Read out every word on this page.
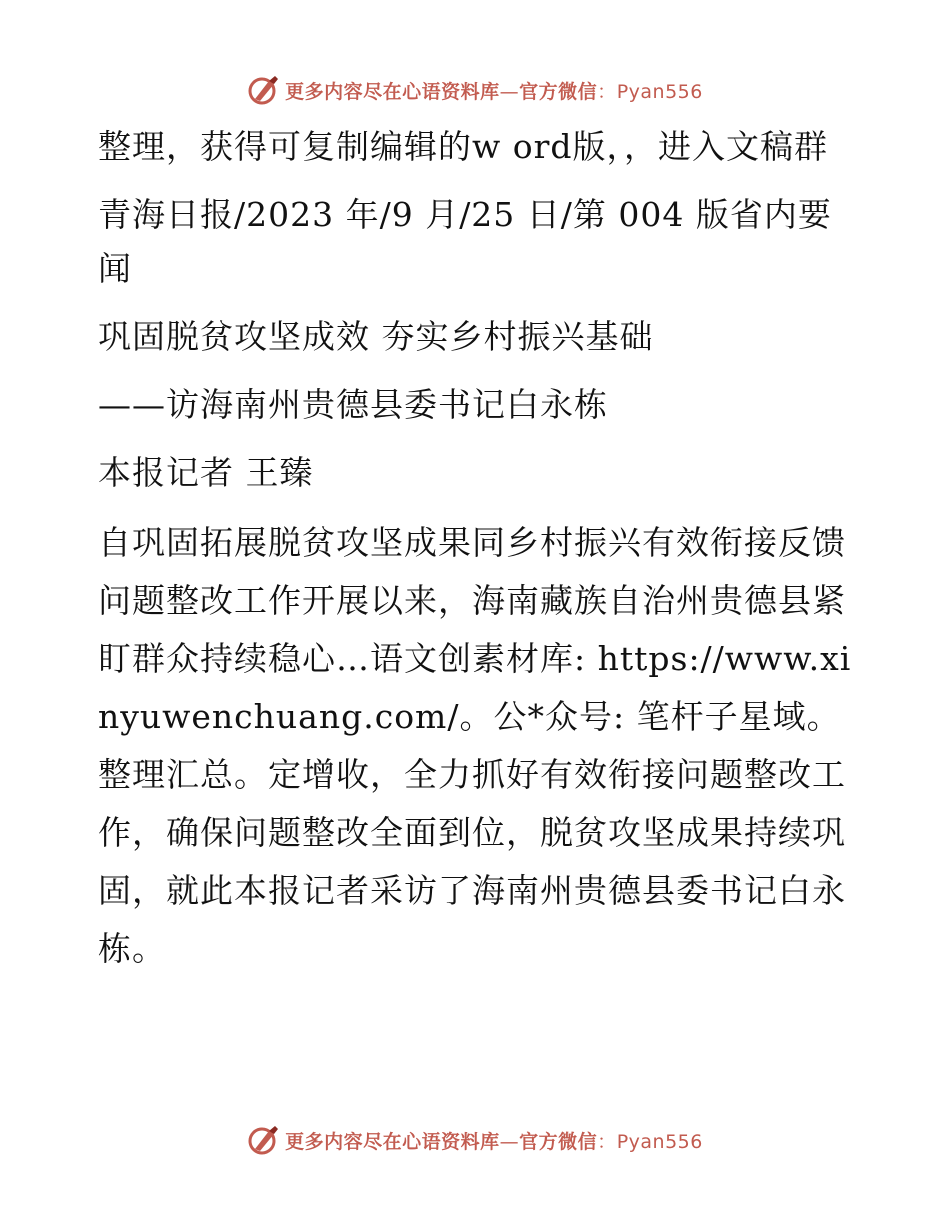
更多内容尽在心语资料库—官方微信：Pyan556

整理，获得可复制编辑的w ord版，，进入文稿群

青海日报/2023 年/9 月/25 日/第 004 版省内要闻

巩固脱贫攻坚成效 夯实乡村振兴基础

——访海南州贵德县委书记白永栋

本报记者 王臻

自巩固拓展脱贫攻坚成果同乡村振兴有效衔接反馈问题整改工作开展以来，海南藏族自治州贵德县紧盯群众持续稳心…语文创素材库: https://www.xinyuwenchuang.com/。公*众号: 笔杆子星域。整理汇总。定增收，全力抓好有效衔接问题整改工作，确保问题整改全面到位，脱贫攻坚成果持续巩固，就此本报记者采访了海南州贵德县委书记白永栋。

更多内容尽在心语资料库—官方微信：Pyan556
